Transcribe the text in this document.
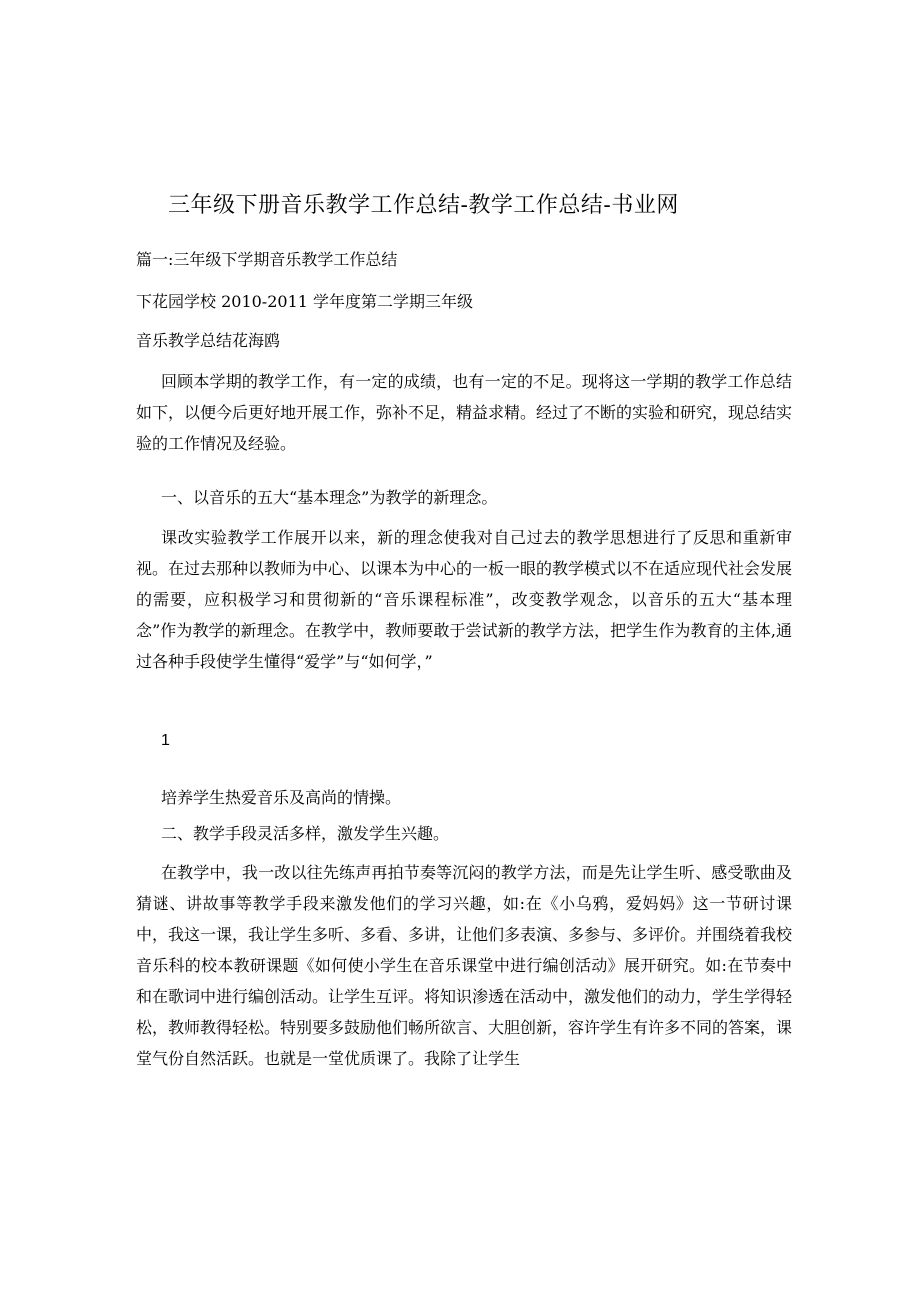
三年级下册音乐教学工作总结-教学工作总结-书业网
篇一:三年级下学期音乐教学工作总结
下花园学校 2010-2011 学年度第二学期三年级
音乐教学总结花海鸥
回顾本学期的教学工作，有一定的成绩，也有一定的不足。现将这一学期的教学工作总结如下，以便今后更好地开展工作，弥补不足，精益求精。经过了不断的实验和研究，现总结实验的工作情况及经验。
一、以音乐的五大“基本理念”为教学的新理念。
课改实验教学工作展开以来，新的理念使我对自己过去的教学思想进行了反思和重新审视。在过去那种以教师为中心、以课本为中心的一板一眼的教学模式以不在适应现代社会发展的需要，应积极学习和贯彻新的“音乐课程标准”，改变教学观念，以音乐的五大“基本理念”作为教学的新理念。在教学中，教师要敢于尝试新的教学方法，把学生作为教育的主体,通过各种手段使学生懂得“爱学”与“如何学，”
1
培养学生热爱音乐及高尚的情操。
二、教学手段灵活多样，激发学生兴趣。
在教学中，我一改以往先练声再拍节奏等沉闷的教学方法，而是先让学生听、感受歌曲及猜谜、讲故事等教学手段来激发他们的学习兴趣，如:在《小乌鸦，爱妈妈》这一节研讨课中，我这一课，我让学生多听、多看、多讲，让他们多表演、多参与、多评价。并围绕着我校音乐科的校本教研课题《如何使小学生在音乐课堂中进行编创活动》展开研究。如:在节奏中和在歌词中进行编创活动。让学生互评。将知识渗透在活动中，激发他们的动力，学生学得轻松，教师教得轻松。特别要多鼓励他们畅所欲言、大胆创新，容许学生有许多不同的答案，课堂气份自然活跃。也就是一堂优质课了。我除了让学生
